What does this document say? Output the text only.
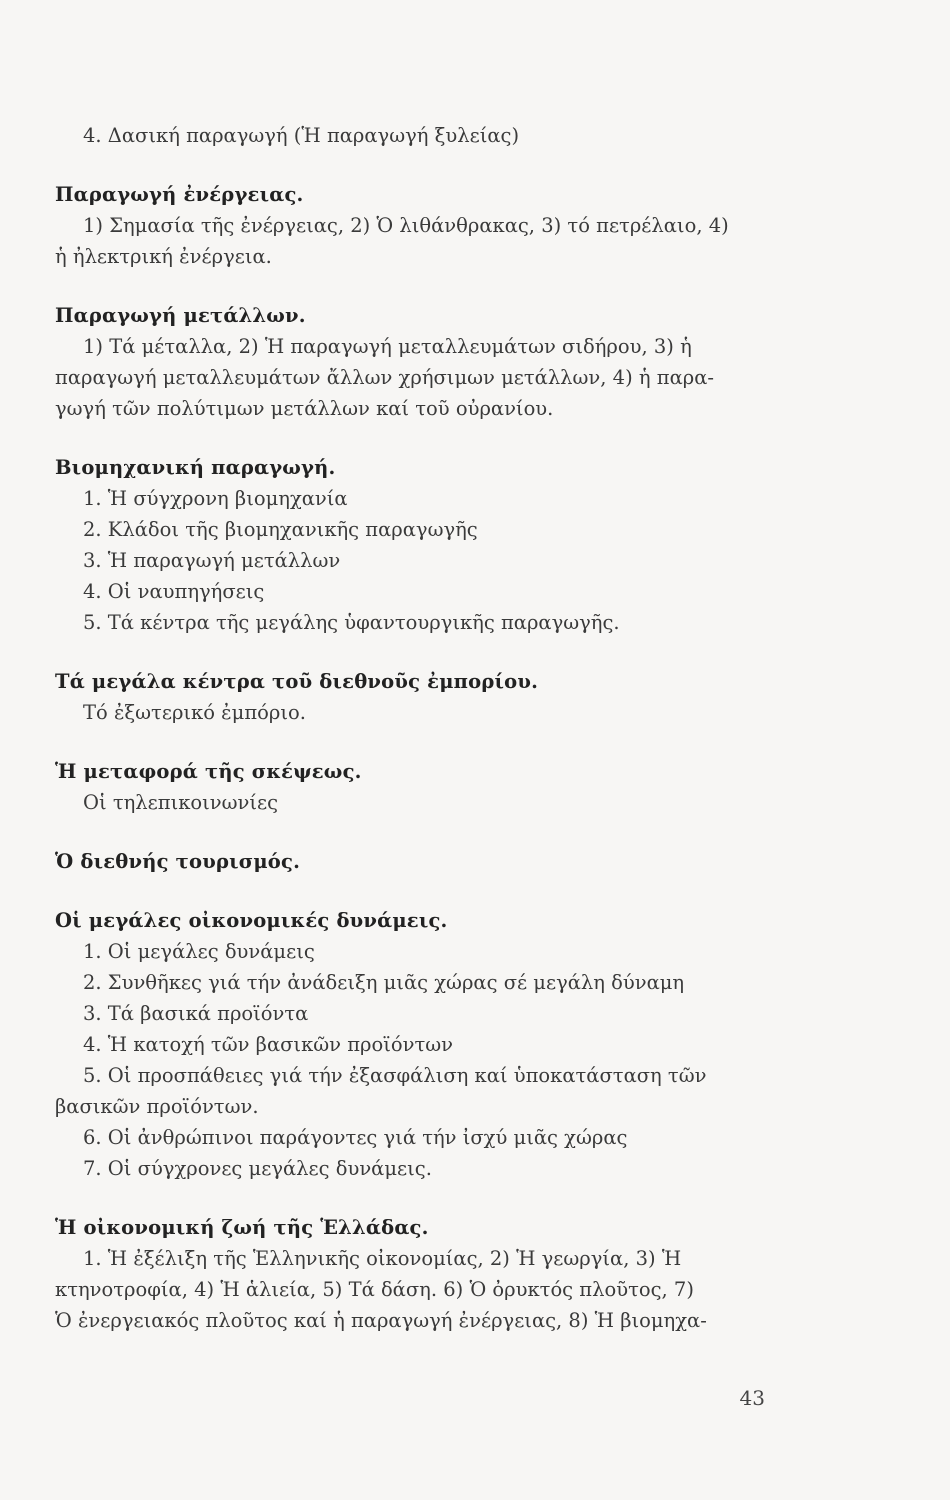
4. Δασική παραγωγή (Ἡ παραγωγή ξυλείας)
Παραγωγή ἐνέργειας.
1) Σημασία τῆς ἐνέργειας, 2) Ὁ λιθάνθρακας, 3) τό πετρέλαιο, 4)
ἡ ἠλεκτρική ἐνέργεια.
Παραγωγή μετάλλων.
1) Τά μέταλλα, 2) Ἡ παραγωγή μεταλλευμάτων σιδήρου, 3) ἡ
παραγωγή μεταλλευμάτων ἄλλων χρήσιμων μετάλλων, 4) ἡ παρα-
γωγή τῶν πολύτιμων μετάλλων καί τοῦ οὐρανίου.
Βιομηχανική παραγωγή.
1. Ἡ σύγχρονη βιομηχανία
2. Κλάδοι τῆς βιομηχανικῆς παραγωγῆς
3. Ἡ παραγωγή μετάλλων
4. Οἱ ναυπηγήσεις
5. Τά κέντρα τῆς μεγάλης ὑφαντουργικῆς παραγωγῆς.
Τά μεγάλα κέντρα τοῦ διεθνοῦς ἐμπορίου.
Τό ἐξωτερικό ἐμπόριο.
Ἡ μεταφορά τῆς σκέψεως.
Οἱ τηλεπικοινωνίες
Ὁ διεθνής τουρισμός.
Οἱ μεγάλες οἰκονομικές δυνάμεις.
1. Οἱ μεγάλες δυνάμεις
2. Συνθῆκες γιά τήν ἀνάδειξη μιᾶς χώρας σέ μεγάλη δύναμη
3. Τά βασικά προϊόντα
4. Ἡ κατοχή τῶν βασικῶν προϊόντων
5. Οἱ προσπάθειες γιά τήν ἐξασφάλιση καί ὑποκατάσταση τῶν
βασικῶν προϊόντων.
6. Οἱ ἀνθρώπινοι παράγοντες γιά τήν ἰσχύ μιᾶς χώρας
7. Οἱ σύγχρονες μεγάλες δυνάμεις.
Ἡ οἰκονομική ζωή τῆς Ἑλλάδας.
1. Ἡ ἐξέλιξη τῆς Ἑλληνικῆς οἰκονομίας, 2) Ἡ γεωργία, 3) Ἡ
κτηνοτροφία, 4) Ἡ ἁλιεία, 5) Τά δάση. 6) Ὁ ὀρυκτός πλοῦτος, 7)
Ὁ ἐνεργειακός πλοῦτος καί ἡ παραγωγή ἐνέργειας, 8) Ἡ βιομηχα-
43
